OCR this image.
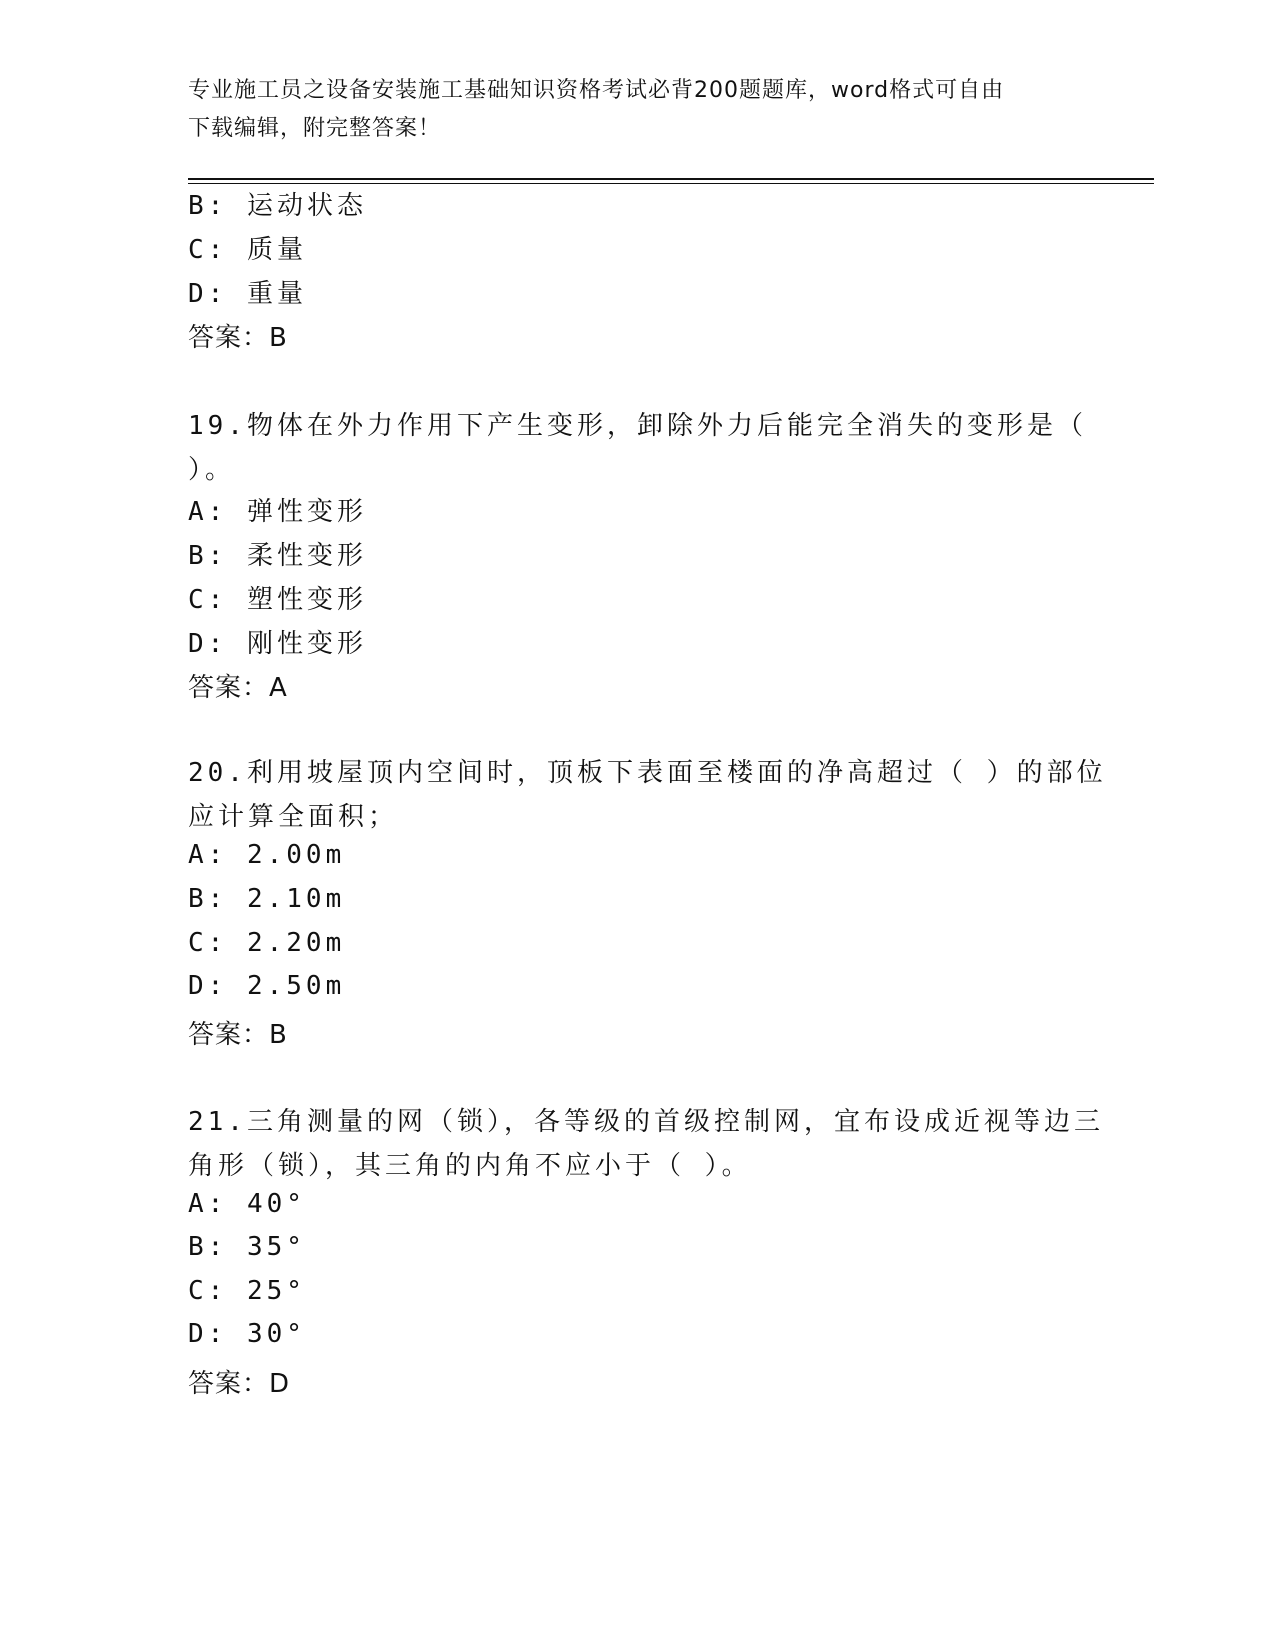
专业施工员之设备安装施工基础知识资格考试必背200题题库，word格式可自由
下载编辑，附完整答案！
B: 运动状态
C: 质量
D: 重量
答案：B
19.物体在外力作用下产生变形，卸除外力后能完全消失的变形是（
）。
A: 弹性变形
B: 柔性变形
C: 塑性变形
D: 刚性变形
答案：A
20.利用坡屋顶内空间时，顶板下表面至楼面的净高超过（ ）的部位
应计算全面积；
A: 2.00m
B: 2.10m
C: 2.20m
D: 2.50m
答案：B
21.三角测量的网（锁），各等级的首级控制网，宜布设成近视等边三
角形（锁），其三角的内角不应小于（ ）。
A: 40°
B: 35°
C: 25°
D: 30°
答案：D
